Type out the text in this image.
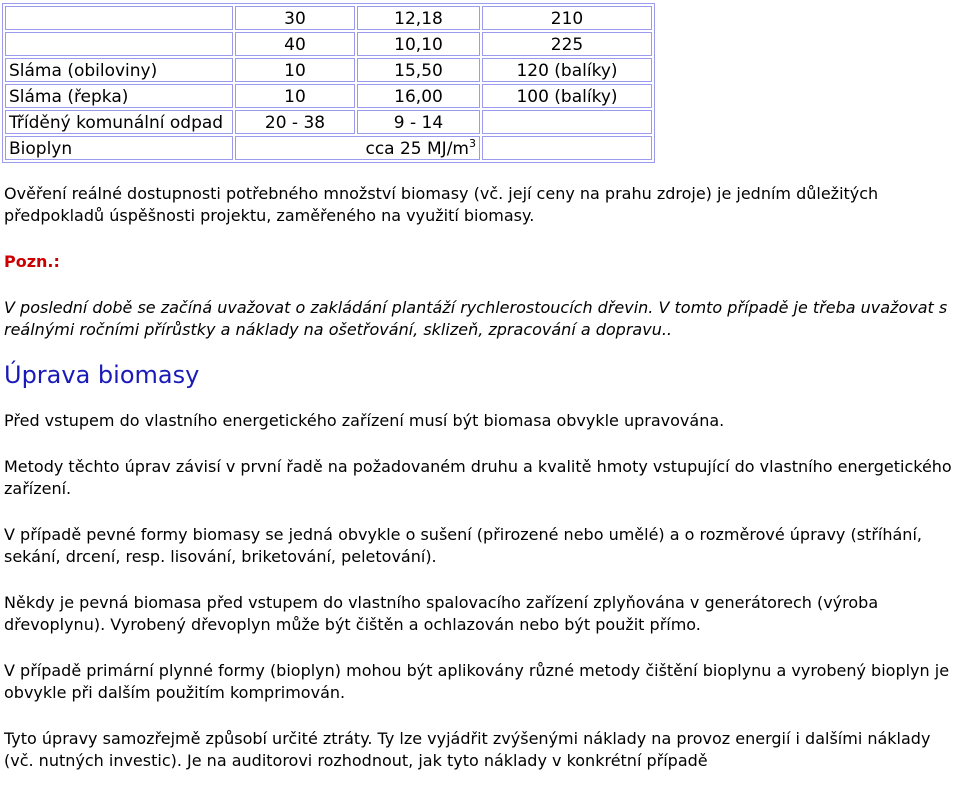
	30	12,18	210
	40	10,10	225
Sláma (obiloviny)	10	15,50	120 (balíky)
Sláma (řepka)	10	16,00	100 (balíky)
Tříděný komunální odpad	20 - 38	9 - 14	
Bioplyn	cca 25 $MJ/m^3$	

Ověření reálné dostupnosti potřebného množství biomasy (vč. její ceny na prahu zdroje) je jedním důležitých předpokladů úspěšnosti projektu, zaměřeného na využití biomasy.

Pozn.:

V poslední době se začíná uvažovat o zakládání plantáží rychlerostoucích dřevin. V tomto případě je třeba uvažovat s reálnými ročními přírůstky a náklady na ošetřování, sklizeň, zpracování a dopravu..

Úprava biomasy

Před vstupem do vlastního energetického zařízení musí být biomasa obvykle upravována.

Metody těchto úprav závisí v první řadě na požadovaném druhu a kvalitě hmoty vstupující do vlastního energetického zařízení.

V případě pevné formy biomasy se jedná obvykle o sušení (přirozené nebo umělé) a o rozměrové úpravy (stříhání, sekání, drcení, resp. lisování, briketování, peletování).

Někdy je pevná biomasa před vstupem do vlastního spalovacího zařízení zplyňována v generátorech (výroba dřevoplynu). Vyrobený dřevoplyn může být čištěn a ochlazován nebo být použit přímo.

V případě primární plynné formy (bioplyn) mohou být aplikovány různé metody čištění bioplynu a vyrobený bioplyn je obvykle při dalším použitím komprimován.

Tyto úpravy samozřejmě způsobí určité ztráty. Ty lze vyjádřit zvýšenými náklady na provoz energií i dalšími náklady (vč. nutných investic). Je na auditorovi rozhodnout, jak tyto náklady v konkrétní případě
